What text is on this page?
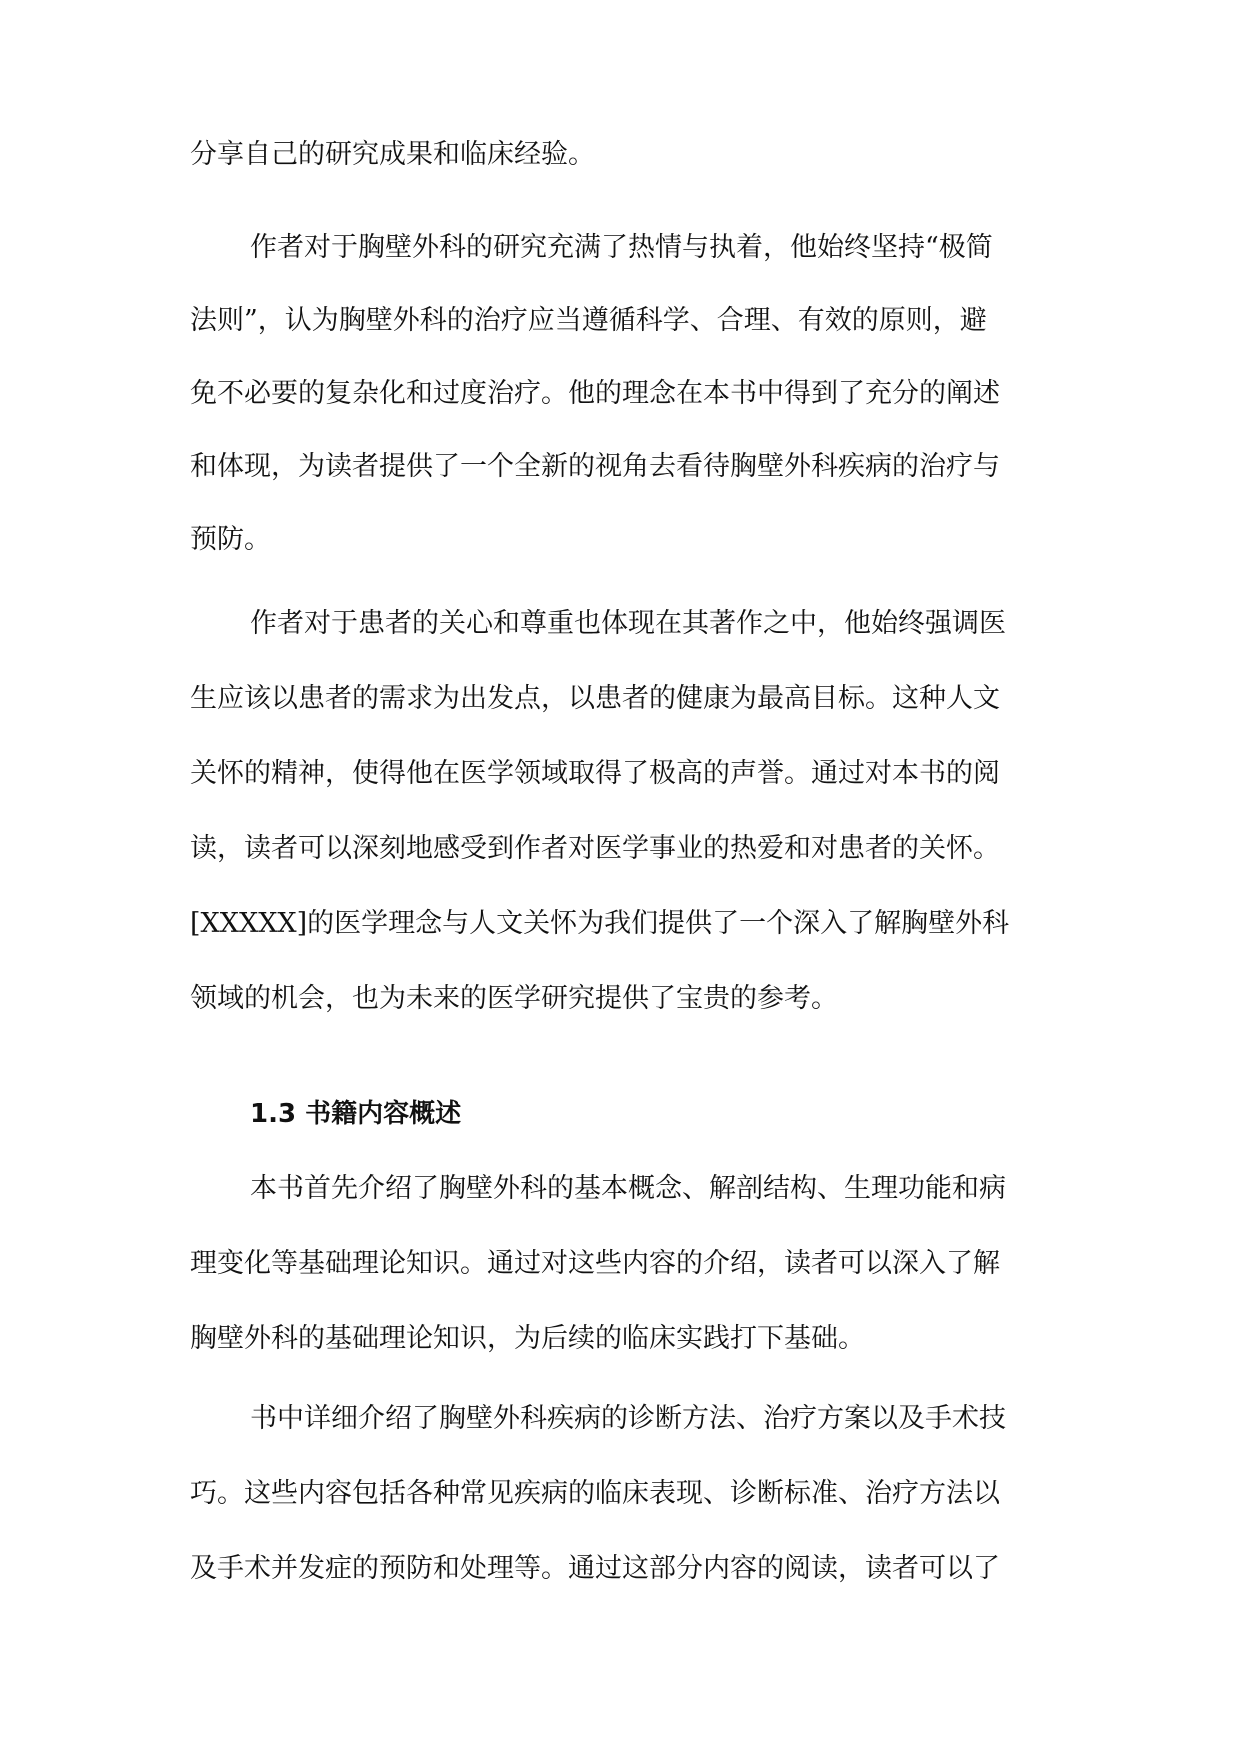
分享自己的研究成果和临床经验。
作者对于胸壁外科的研究充满了热情与执着，他始终坚持“极简
法则”，认为胸壁外科的治疗应当遵循科学、合理、有效的原则，避
免不必要的复杂化和过度治疗。他的理念在本书中得到了充分的阐述
和体现，为读者提供了一个全新的视角去看待胸壁外科疾病的治疗与
预防。
作者对于患者的关心和尊重也体现在其著作之中，他始终强调医
生应该以患者的需求为出发点，以患者的健康为最高目标。这种人文
关怀的精神，使得他在医学领域取得了极高的声誉。通过对本书的阅
读，读者可以深刻地感受到作者对医学事业的热爱和对患者的关怀。
[XXXXX]的医学理念与人文关怀为我们提供了一个深入了解胸壁外科
领域的机会，也为未来的医学研究提供了宝贵的参考。
1.3 书籍内容概述
本书首先介绍了胸壁外科的基本概念、解剖结构、生理功能和病
理变化等基础理论知识。通过对这些内容的介绍，读者可以深入了解
胸壁外科的基础理论知识，为后续的临床实践打下基础。
书中详细介绍了胸壁外科疾病的诊断方法、治疗方案以及手术技
巧。这些内容包括各种常见疾病的临床表现、诊断标准、治疗方法以
及手术并发症的预防和处理等。通过这部分内容的阅读，读者可以了
